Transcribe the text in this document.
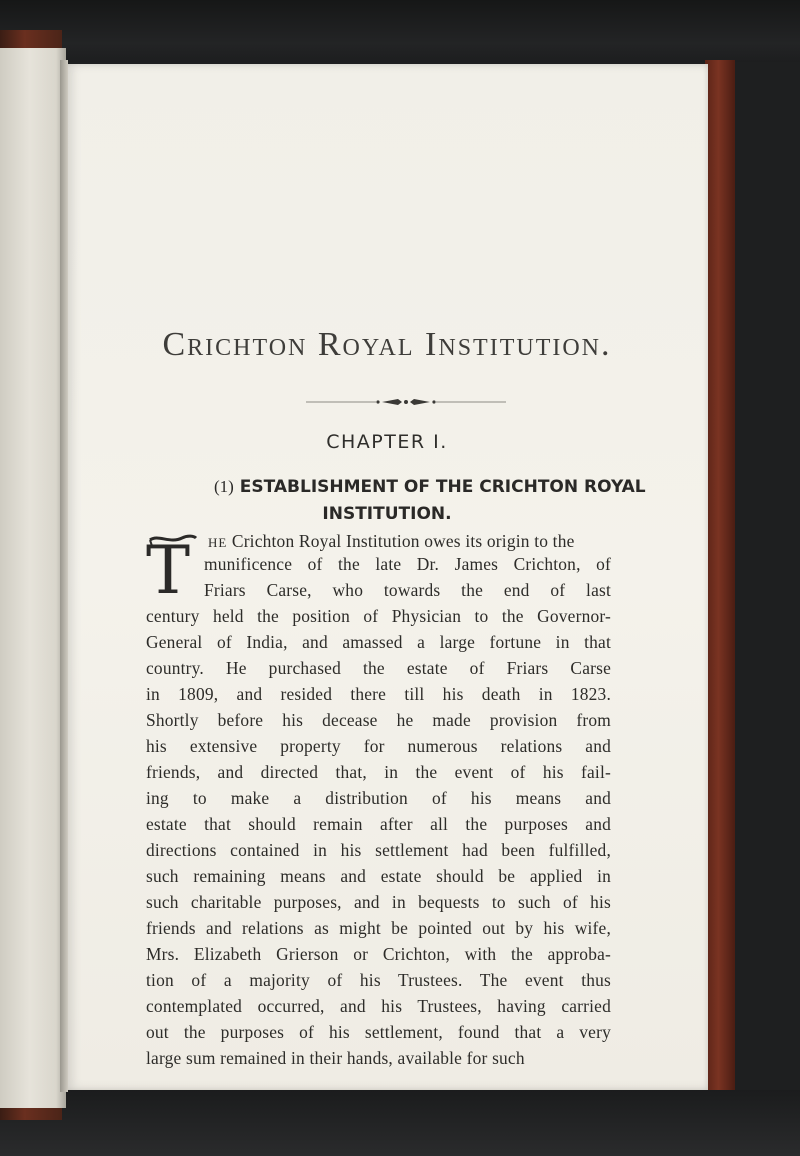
Crichton Royal Institution.
CHAPTER I.
(1) ESTABLISHMENT OF THE CRICHTON ROYAL
INSTITUTION.
T HE Crichton Royal Institution owes its origin to the
munificence of the late Dr. James Crichton, of
Friars Carse, who towards the end of last
century held the position of Physician to the Governor-
General of India, and amassed a large fortune in that
country. He purchased the estate of Friars Carse
in 1809, and resided there till his death in 1823.
Shortly before his decease he made provision from
his extensive property for numerous relations and
friends, and directed that, in the event of his fail-
ing to make a distribution of his means and
estate that should remain after all the purposes and
directions contained in his settlement had been fulfilled,
such remaining means and estate should be applied in
such charitable purposes, and in bequests to such of his
friends and relations as might be pointed out by his wife,
Mrs. Elizabeth Grierson or Crichton, with the approba-
tion of a majority of his Trustees. The event thus
contemplated occurred, and his Trustees, having carried
out the purposes of his settlement, found that a very
large sum remained in their hands, available for such
